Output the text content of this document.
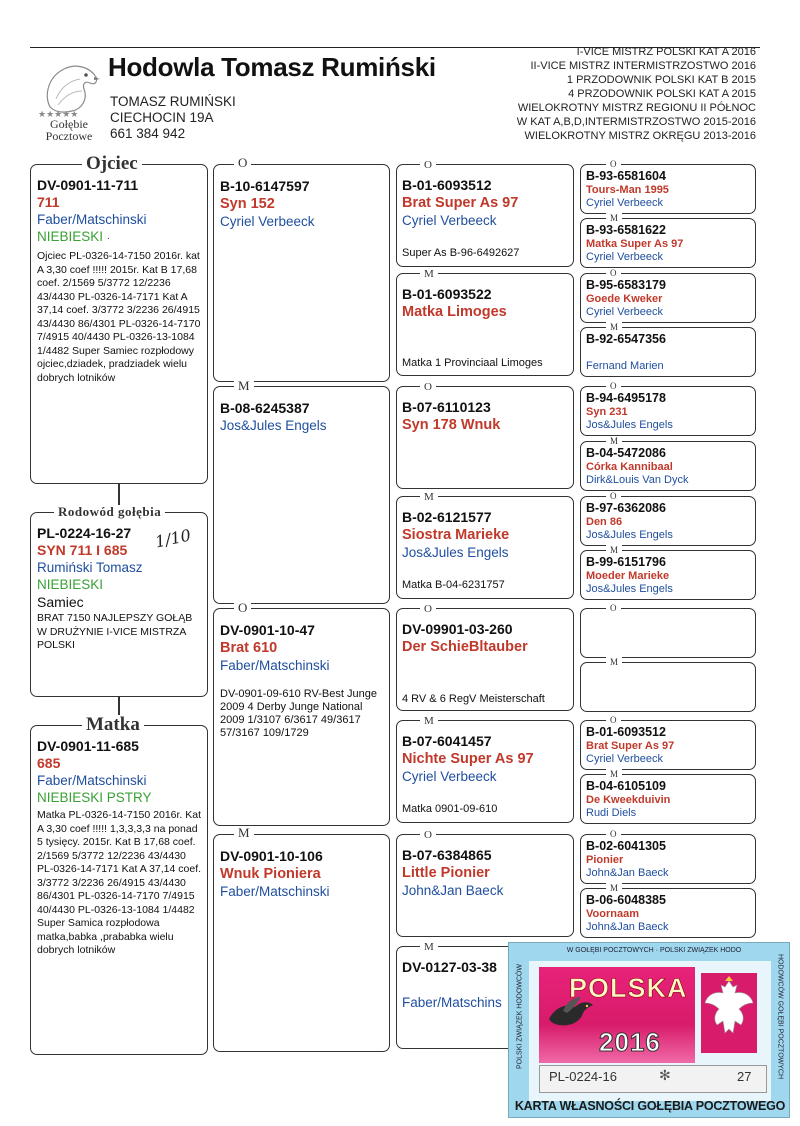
★★★★★
Gołębie
Pocztowe
Hodowla Tomasz Rumiński
TOMASZ RUMIŃSKI
CIECHOCIN 19A
661 384 942
I-VICE MISTRZ POLSKI KAT A 2016
II-VICE MISTRZ INTERMISTRZOSTWO 2016
1 PRZODOWNIK POLSKI KAT B 2015
4 PRZODOWNIK POLSKI KAT A 2015
WIELOKROTNY MISTRZ REGIONU II PÓŁNOC
W KAT A,B,D,INTERMISTRZOSTWO 2015-2016
WIELOKROTNY MISTRZ OKRĘGU 2013-2016
DV-0901-11-711
711
Faber/Matschinski
NIEBIESKI ·
Ojciec PL-0326-14-7150 2016r. kat A 3,30 coef !!!!! 2015r. Kat B 17,68 coef. 2/1569 5/3772 12/2236 43/4430 PL-0326-14-7171 Kat A 37,14 coef. 3/3772 3/2236 26/4915 43/4430 86/4301 PL-0326-14-7170 7/4915 40/4430 PL-0326-13-1084 1/4482 Super Samiec rozpłodowy ojciec,dziadek, pradziadek wielu dobrych lotników
Ojciec
PL-0224-16-27
SYN 711 I 685
Rumiński Tomasz
NIEBIESKI
Samiec
BRAT 7150 NAJLEPSZY GOŁĄB W DRUŻYNIE I-VICE MISTRZA POLSKI
1/10
Rodowód gołębia
DV-0901-11-685
685
Faber/Matschinski
NIEBIESKI PSTRY
Matka PL-0326-14-7150 2016r. Kat A 3,30 coef !!!!! 1,3,3,3,3 na ponad 5 tysięcy. 2015r. Kat B 17,68 coef. 2/1569 5/3772 12/2236 43/4430 PL-0326-14-7171 Kat A 37,14 coef. 3/3772 3/2236 26/4915 43/4430 86/4301 PL-0326-14-7170 7/4915 40/4430 PL-0326-13-1084 1/4482 Super Samica rozpłodowa matka,babka ,prababka wielu dobrych lotników
Matka
B-10-6147597
Syn 152
Cyriel Verbeeck
O
B-08-6245387
Jos&Jules Engels
M
DV-0901-10-47
Brat 610
Faber/Matschinski
DV-0901-09-610 RV-Best Junge 2009 4 Derby Junge National 2009 1/3107 6/3617 49/3617 57/3167 109/1729
O
DV-0901-10-106
Wnuk Pioniera
Faber/Matschinski
M
B-01-6093512
Brat Super As 97
Cyriel Verbeeck
Super As B-96-6492627
O
B-01-6093522
Matka Limoges
Matka 1 Provinciaal Limoges
M
B-07-6110123
Syn 178 Wnuk
O
B-02-6121577
Siostra Marieke
Jos&Jules Engels
Matka B-04-6231757
M
DV-09901-03-260
Der SchieBltauber
4 RV & 6 RegV Meisterschaft
O
B-07-6041457
Nichte Super As 97
Cyriel Verbeeck
Matka 0901-09-610
M
B-07-6384865
Little Pionier
John&Jan Baeck
O
DV-0127-03-38
Faber/Matschins
M
B-93-6581604
Tours-Man 1995
Cyriel Verbeeck
O
B-93-6581622
Matka Super As 97
Cyriel Verbeeck
M
B-95-6583179
Goede Kweker
Cyriel Verbeeck
O
B-92-6547356
Fernand Marien
M
B-94-6495178
Syn 231
Jos&Jules Engels
O
B-04-5472086
Córka Kannibaal
Dirk&Louis Van Dyck
M
B-97-6362086
Den 86
Jos&Jules Engels
O
B-99-6151796
Moeder Marieke
Jos&Jules Engels
M
O
M
B-01-6093512
Brat Super As 97
Cyriel Verbeeck
O
B-04-6105109
De Kweekduivin
Rudi Diels
M
B-02-6041305
Pionier
John&Jan Baeck
O
B-06-6048385
Voornaam
John&Jan Baeck
M
W GOŁĘBI POCZTOWYCH · POLSKI ZWIĄZEK HODO
POLSKI ZWIĄZEK HODOWCÓW	HODOWCÓW GOŁĘBI POCZTOWYCH
POLSKA
2016
PL-0224-16	✻	27
KARTA WŁASNOŚCI GOŁĘBIA POCZTOWEGO
